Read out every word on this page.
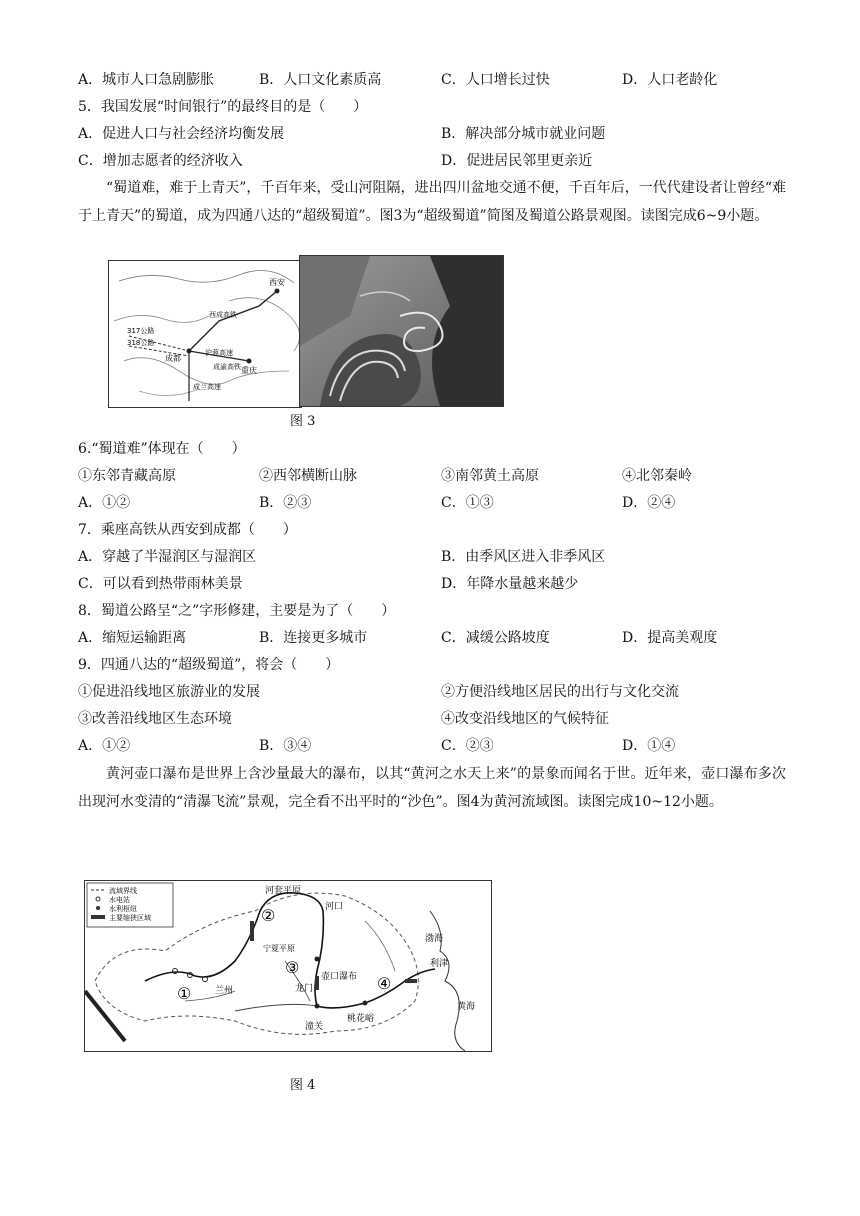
A．城市人口急剧膨胀	B．人口文化素质高	C．人口增长过快	D．人口老龄化
5．我国发展“时间银行”的最终目的是（　　）
A．促进人口与社会经济均衡发展	B．解决部分城市就业问题
C．增加志愿者的经济收入	D．促进居民邻里更亲近
“蜀道难，难于上青天”，千百年来，受山河阻隔，进出四川盆地交通不便，千百年后，一代代建设者让曾经“难于上青天”的蜀道，成为四通八达的“超级蜀道”。图3为“超级蜀道”简图及蜀道公路景观图。读图完成6~9小题。
西安
成都
重庆
317公路
318公路
西成高铁
成兰高速
沪蓉高速
成渝高铁
图 3
6.“蜀道难”体现在（　　）
①东邻青藏高原	②西邻横断山脉	③南邻黄土高原	④北邻秦岭
A．①②	B．②③	C．①③	D．②④
7．乘座高铁从西安到成都（　　）
A．穿越了半湿润区与湿润区	B．由季风区进入非季风区
C．可以看到热带雨林美景	D．年降水量越来越少
8．蜀道公路呈“之”字形修建，主要是为了（　　）
A．缩短运输距离	B．连接更多城市	C．减缓公路坡度	D．提高美观度
9．四通八达的“超级蜀道”，将会（　　）
①促进沿线地区旅游业的发展	②方便沿线地区居民的出行与文化交流
③改善沿线地区生态环境	④改变沿线地区的气候特征
A．①②	B．③④	C．②③	D．①④
黄河壶口瀑布是世界上含沙量最大的瀑布，以其“黄河之水天上来”的景象而闻名于世。近年来，壶口瀑布多次出现河水变清的“清瀑飞流”景观，完全看不出平时的“沙色”。图4为黄河流域图。读图完成10~12小题。
流域界线
水电站
水利枢纽
主要缩狭区域
河套平原
河口
宁夏平原
兰州	龙门
壶口瀑布
潼关
桃花峪
利津
渤海
黄海
①
②
③
④
图 4
